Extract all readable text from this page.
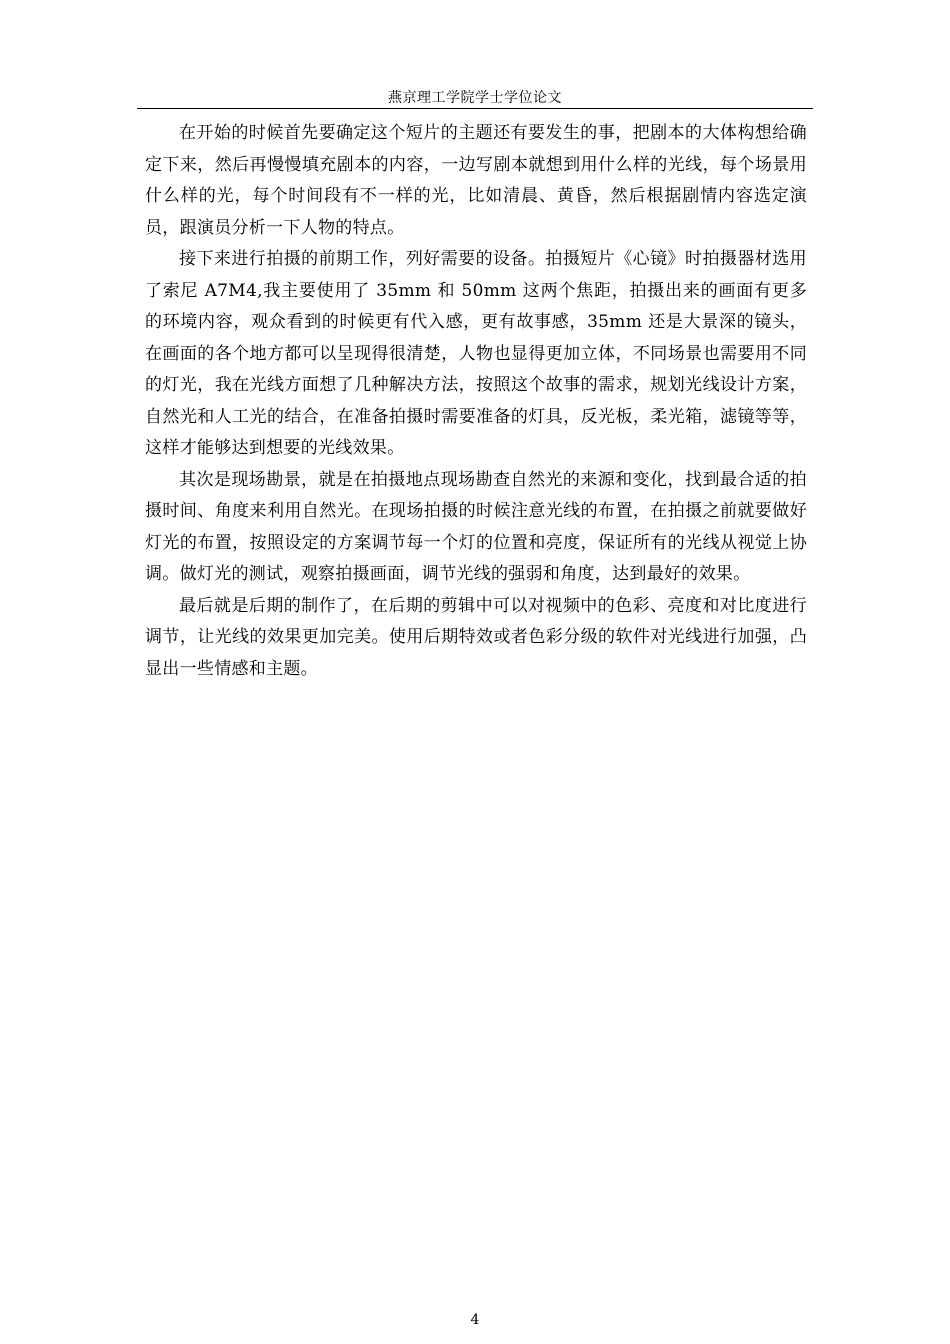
燕京理工学院学士学位论文

在开始的时候首先要确定这个短片的主题还有要发生的事，把剧本的大体构想给确定下来，然后再慢慢填充剧本的内容，一边写剧本就想到用什么样的光线，每个场景用什么样的光，每个时间段有不一样的光，比如清晨、黄昏，然后根据剧情内容选定演员，跟演员分析一下人物的特点。

接下来进行拍摄的前期工作，列好需要的设备。拍摄短片《心镜》时拍摄器材选用了索尼 A7M4,我主要使用了 35mm 和 50mm 这两个焦距，拍摄出来的画面有更多的环境内容，观众看到的时候更有代入感，更有故事感，35mm 还是大景深的镜头，在画面的各个地方都可以呈现得很清楚，人物也显得更加立体，不同场景也需要用不同的灯光，我在光线方面想了几种解决方法，按照这个故事的需求，规划光线设计方案，自然光和人工光的结合，在准备拍摄时需要准备的灯具，反光板，柔光箱，滤镜等等，这样才能够达到想要的光线效果。

其次是现场勘景，就是在拍摄地点现场勘查自然光的来源和变化，找到最合适的拍摄时间、角度来利用自然光。在现场拍摄的时候注意光线的布置，在拍摄之前就要做好灯光的布置，按照设定的方案调节每一个灯的位置和亮度，保证所有的光线从视觉上协调。做灯光的测试，观察拍摄画面，调节光线的强弱和角度，达到最好的效果。

最后就是后期的制作了，在后期的剪辑中可以对视频中的色彩、亮度和对比度进行调节，让光线的效果更加完美。使用后期特效或者色彩分级的软件对光线进行加强，凸显出一些情感和主题。

4
